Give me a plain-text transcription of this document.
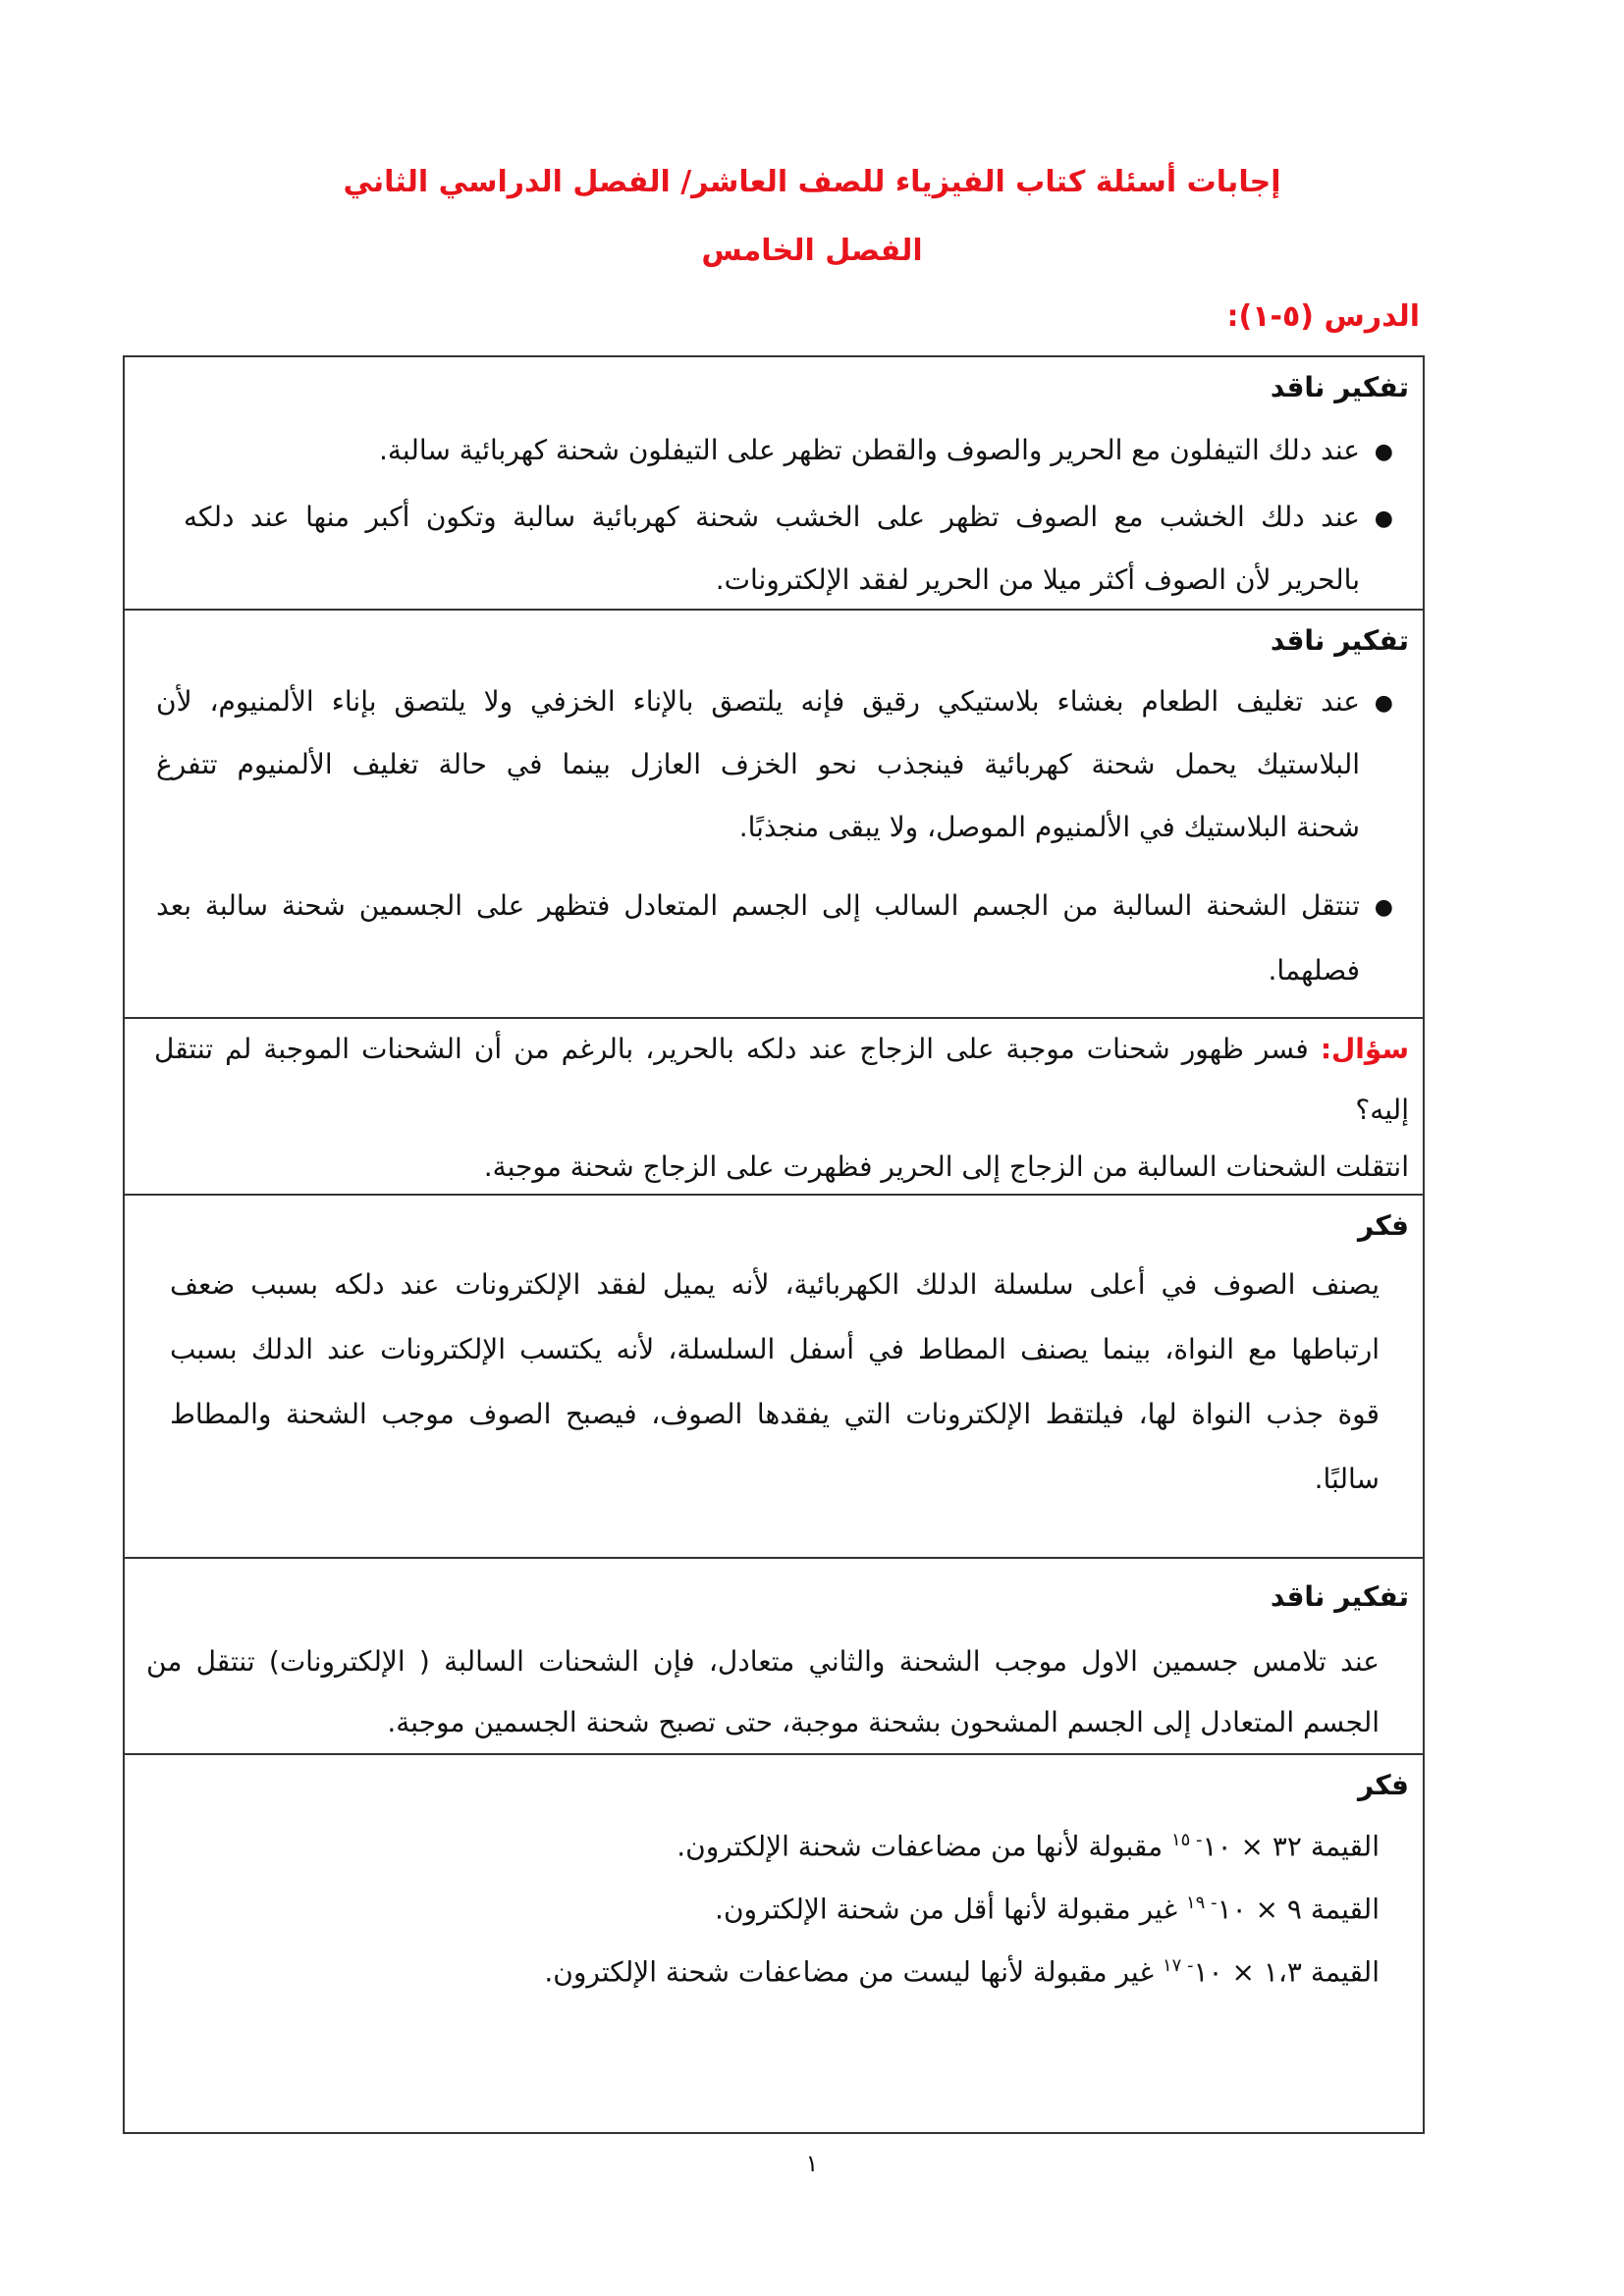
إجابات أسئلة كتاب الفيزياء للصف العاشر/ الفصل الدراسي الثاني
الفصل الخامس
الدرس (٥-١):
تفكير ناقد
●
عند دلك التيفلون مع الحرير والصوف والقطن تظهر على التيفلون شحنة كهربائية سالبة.
●
عند دلك الخشب مع الصوف تظهر على الخشب شحنة كهربائية سالبة وتكون أكبر منها عند دلكه
بالحرير لأن الصوف أكثر ميلا من الحرير لفقد الإلكترونات.
تفكير ناقد
●
عند تغليف الطعام بغشاء بلاستيكي رقيق فإنه يلتصق بالإناء الخزفي ولا يلتصق بإناء الألمنيوم، لأن
البلاستيك يحمل شحنة كهربائية فينجذب نحو الخزف العازل بينما في حالة تغليف الألمنيوم تتفرغ
شحنة البلاستيك في الألمنيوم الموصل، ولا يبقى منجذبًا.
●
تنتقل الشحنة السالبة من الجسم السالب إلى الجسم المتعادل فتظهر على الجسمين شحنة سالبة بعد
فصلهما.
سؤال: فسر ظهور شحنات موجبة على الزجاج عند دلكه بالحرير، بالرغم من أن الشحنات الموجبة لم تنتقل
إليه؟
انتقلت الشحنات السالبة من الزجاج إلى الحرير فظهرت على الزجاج شحنة موجبة.
فكر
يصنف الصوف في أعلى سلسلة الدلك الكهربائية، لأنه يميل لفقد الإلكترونات عند دلكه بسبب ضعف
ارتباطها مع النواة، بينما يصنف المطاط في أسفل السلسلة، لأنه يكتسب الإلكترونات عند الدلك بسبب
قوة جذب النواة لها، فيلتقط الإلكترونات التي يفقدها الصوف، فيصبح الصوف موجب الشحنة والمطاط
سالبًا.
تفكير ناقد
عند تلامس جسمين الاول موجب الشحنة والثاني متعادل، فإن الشحنات السالبة ( الإلكترونات) تنتقل من
الجسم المتعادل إلى الجسم المشحون بشحنة موجبة، حتى تصبح شحنة الجسمين موجبة.
فكر
القيمة ٣٢ × $١٠^{- ١٥}$ مقبولة لأنها من مضاعفات شحنة الإلكترون.
القيمة ٩ × $١٠^{- ١٩}$ غير مقبولة لأنها أقل من شحنة الإلكترون.
القيمة ١،٣ × $١٠^{- ١٧}$ غير مقبولة لأنها ليست من مضاعفات شحنة الإلكترون.
١
